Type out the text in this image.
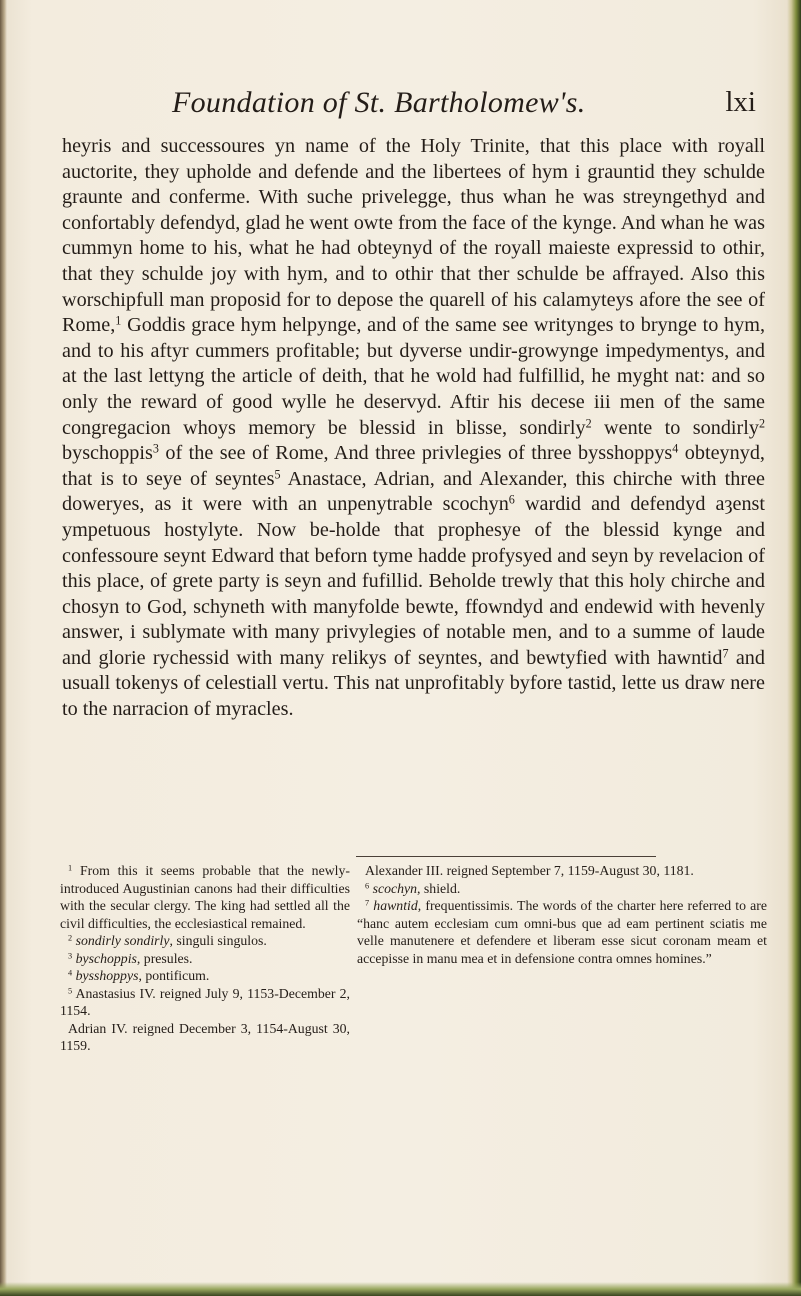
Foundation of St. Bartholomew's.	lxi

heyris and successoures yn name of the Holy Trinite, that this place with royall auctorite, they upholde and defende and the libertees of hym i grauntid they schulde graunte and conferme. With suche privelegge, thus whan he was streyngethyd and confortably defendyd, glad he went owte from the face of the kynge. And whan he was cummyn home to his, what he had obteynyd of the royall maieste expressid to othir, that they schulde joy with hym, and to othir that ther schulde be affrayed. Also this worschipfull man proposid for to depose the quarell of his calamyteys afore the see of Rome,$^1$ Goddis grace hym helpynge, and of the same see writynges to brynge to hym, and to his aftyr cummers profitable; but dyverse undir-growynge impedymentys, and at the last lettyng the article of deith, that he wold had fulfillid, he myght nat: and so only the reward of good wylle he deservyd. Aftir his decese iii men of the same congregacion whoys memory be blessid in blisse, sondirly$^2$ wente to sondirly$^2$ byschoppis$^3$ of the see of Rome, And three privlegies of three bysshoppys$^4$ obteynyd, that is to seye of seyntes$^5$ Anastace, Adrian, and Alexander, this chirche with three doweryes, as it were with an unpenytrable scochyn$^6$ wardid and defendyd aȝenst ympetuous hostylyte. Now be-holde that prophesye of the blessid kynge and confessoure seynt Edward that beforn tyme hadde profysyed and seyn by revelacion of this place, of grete party is seyn and fufillid. Beholde trewly that this holy chirche and chosyn to God, schyneth with manyfolde bewte, ffowndyd and endewid with hevenly answer, i sublymate with many privylegies of notable men, and to a summe of laude and glorie rychessid with many relikys of seyntes, and bewtyfied with hawntid$^7$ and usuall tokenys of celestiall vertu. This nat unprofitably byfore tastid, lette us draw nere to the narracion of myracles.

$^1$ From this it seems probable that the newly-introduced Augustinian canons had their difficulties with the secular clergy. The king had settled all the civil difficulties, the ecclesiastical remained.

$^2$ sondirly sondirly, singuli singulos.

$^3$ byschoppis, presules.

$^4$ bysshoppys, pontificum.

$^5$ Anastasius IV. reigned July 9, 1153-December 2, 1154.

Adrian IV. reigned December 3, 1154-August 30, 1159.

Alexander III. reigned September 7, 1159-August 30, 1181.

$^6$ scochyn, shield.

$^7$ hawntid, frequentissimis. The words of the charter here referred to are “hanc autem ecclesiam cum omni-bus que ad eam pertinent sciatis me velle manutenere et defendere et liberam esse sicut coronam meam et accepisse in manu mea et in defensione contra omnes homines.”
